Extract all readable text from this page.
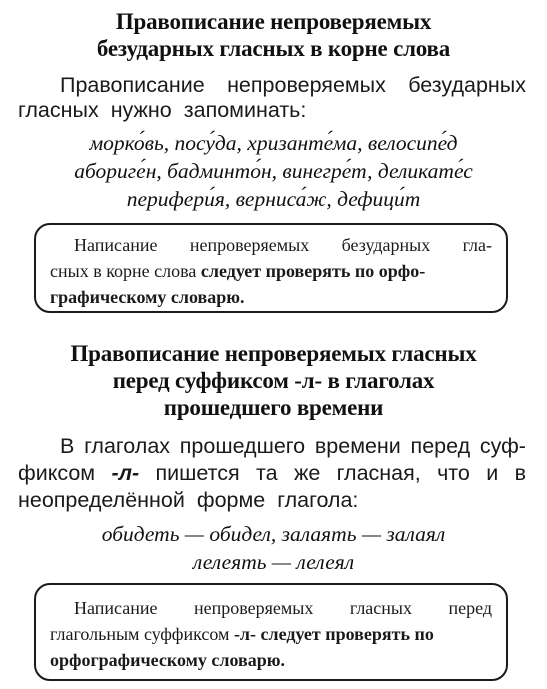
Правописание непроверяемых
безударных гласных в корне слова
Правописание непроверяемых безударных
гласных нужно запоминать:
морко́вь, посу́да, хризанте́ма, велосипе́д
абориге́н, бадминто́н, винегре́т, деликате́с
перифери́я, верниса́ж, дефици́т
Написание непроверяемых безударных гла-
сных в корне слова следует проверять по орфо-
графическому словарю.
Правописание непроверяемых гласных
перед суффиксом -л- в глаголах
прошедшего времени
В глаголах прошедшего времени перед суф-
фиксом -л- пишется та же гласная, что и в
неопределённой форме глагола:
обидеть — обидел, залаять — залаял
лелеять — лелеял
Написание непроверяемых гласных перед
глагольным суффиксом -л- следует проверять по
орфографическому словарю.
